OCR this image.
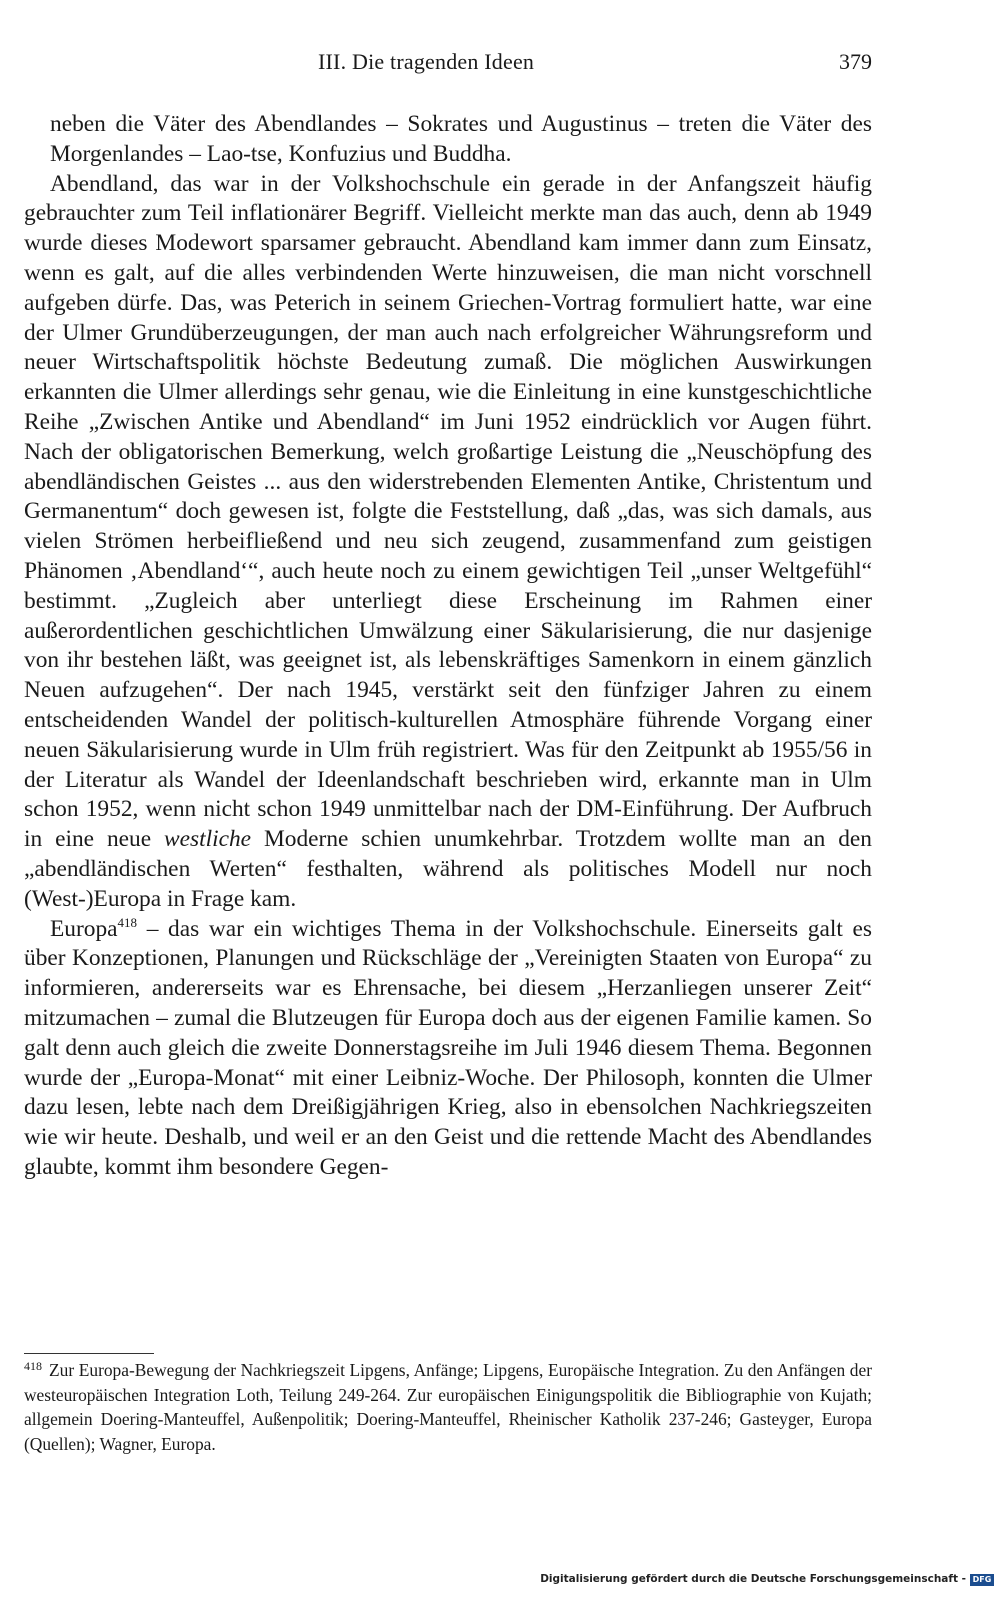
III. Die tragenden Ideen	379

neben die Väter des Abendlandes – Sokrates und Augustinus – treten die Väter des Morgenlandes – Lao-tse, Konfuzius und Buddha.

Abendland, das war in der Volkshochschule ein gerade in der Anfangszeit häufig gebrauchter zum Teil inflationärer Begriff. Vielleicht merkte man das auch, denn ab 1949 wurde dieses Modewort sparsamer gebraucht. Abendland kam immer dann zum Einsatz, wenn es galt, auf die alles verbindenden Werte hinzuweisen, die man nicht vorschnell aufgeben dürfe. Das, was Peterich in seinem Griechen-Vortrag formuliert hatte, war eine der Ulmer Grundüberzeugungen, der man auch nach erfolgreicher Währungsreform und neuer Wirtschaftspolitik höchste Bedeutung zumaß. Die möglichen Auswirkungen erkannten die Ulmer allerdings sehr genau, wie die Einleitung in eine kunstgeschichtliche Reihe „Zwischen Antike und Abendland“ im Juni 1952 eindrücklich vor Augen führt. Nach der obligatorischen Bemerkung, welch großartige Leistung die „Neuschöpfung des abendländischen Geistes ... aus den widerstrebenden Elementen Antike, Christentum und Germanentum“ doch gewesen ist, folgte die Feststellung, daß „das, was sich damals, aus vielen Strömen herbeifließend und neu sich zeugend, zusammenfand zum geistigen Phänomen ‚Abendland‘“, auch heute noch zu einem gewichtigen Teil „unser Weltgefühl“ bestimmt. „Zugleich aber unterliegt diese Erscheinung im Rahmen einer außerordentlichen geschichtlichen Umwälzung einer Säkularisierung, die nur dasjenige von ihr bestehen läßt, was geeignet ist, als lebenskräftiges Samenkorn in einem gänzlich Neuen aufzugehen“. Der nach 1945, verstärkt seit den fünfziger Jahren zu einem entscheidenden Wandel der politisch-kulturellen Atmosphäre führende Vorgang einer neuen Säkularisierung wurde in Ulm früh registriert. Was für den Zeitpunkt ab 1955/56 in der Literatur als Wandel der Ideenlandschaft beschrieben wird, erkannte man in Ulm schon 1952, wenn nicht schon 1949 unmittelbar nach der DM-Einführung. Der Aufbruch in eine neue westliche Moderne schien unumkehrbar. Trotzdem wollte man an den „abendländischen Werten“ festhalten, während als politisches Modell nur noch (West-)Europa in Frage kam.

Europa$^{418}$ – das war ein wichtiges Thema in der Volkshochschule. Einerseits galt es über Konzeptionen, Planungen und Rückschläge der „Vereinigten Staaten von Europa“ zu informieren, andererseits war es Ehrensache, bei diesem „Herzanliegen unserer Zeit“ mitzumachen – zumal die Blutzeugen für Europa doch aus der eigenen Familie kamen. So galt denn auch gleich die zweite Donnerstagsreihe im Juli 1946 diesem Thema. Begonnen wurde der „Europa-Monat“ mit einer Leibniz-Woche. Der Philosoph, konnten die Ulmer dazu lesen, lebte nach dem Dreißigjährigen Krieg, also in ebensolchen Nachkriegszeiten wie wir heute. Deshalb, und weil er an den Geist und die rettende Macht des Abendlandes glaubte, kommt ihm besondere Gegen-

$^{418}$ Zur Europa-Bewegung der Nachkriegszeit Lipgens, Anfänge; Lipgens, Europäische Integration. Zu den Anfängen der westeuropäischen Integration Loth, Teilung 249-264. Zur europäischen Einigungspolitik die Bibliographie von Kujath; allgemein Doering-Manteuffel, Außenpolitik; Doering-Manteuffel, Rheinischer Katholik 237-246; Gasteyger, Europa (Quellen); Wagner, Europa.
Digitalisierung gefördert durch die Deutsche Forschungsgemeinschaft - DFG
